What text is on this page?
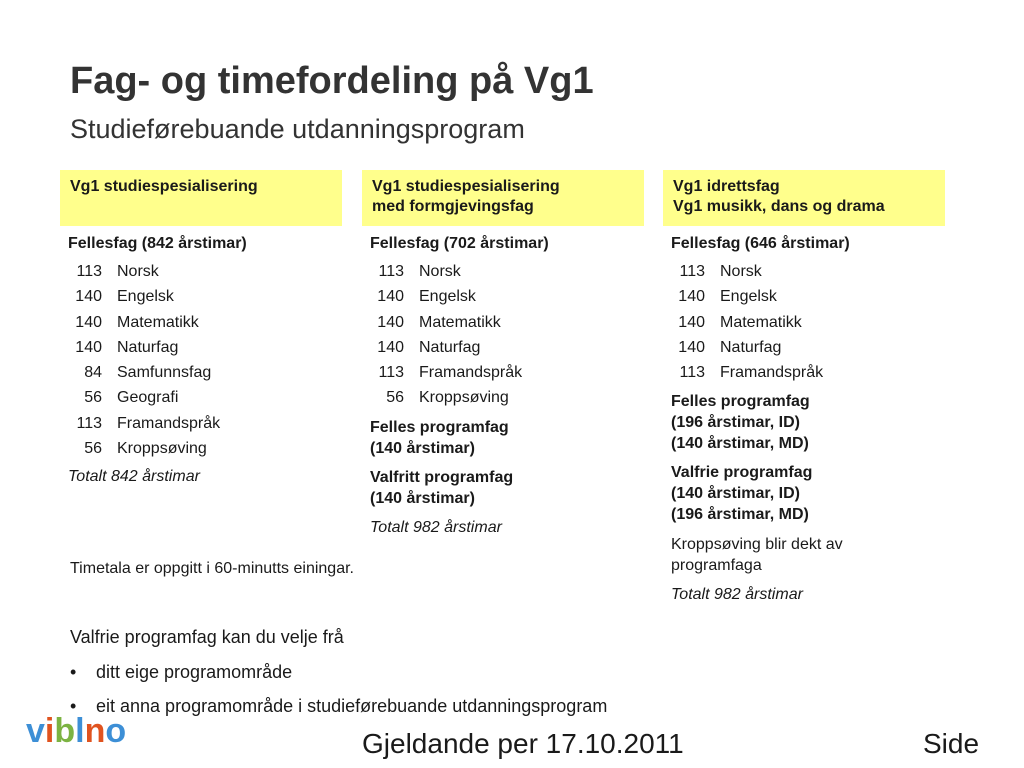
Fag- og timefordeling på Vg1
Studieførebuande utdanningsprogram
Vg1 studiespesialisering
Fellesfag (842 årstimar)
113 Norsk
140 Engelsk
140 Matematikk
140 Naturfag
84 Samfunnsfag
56 Geografi
113 Framandspråk
56 Kroppsøving
Totalt 842 årstimar
Vg1 studiespesialisering
med formgjevingsfag
Fellesfag (702 årstimar)
113 Norsk
140 Engelsk
140 Matematikk
140 Naturfag
113 Framandspråk
56 Kroppsøving
Felles programfag
(140 årstimar)
Valfritt programfag
(140 årstimar)
Totalt 982 årstimar
Vg1 idrettsfag
Vg1 musikk, dans og drama
Fellesfag (646 årstimar)
113 Norsk
140 Engelsk
140 Matematikk
140 Naturfag
113 Framandspråk
Felles programfag
(196 årstimar, ID)
(140 årstimar, MD)
Valfrie programfag
(140 årstimar, ID)
(196 årstimar, MD)
Kroppsøving blir dekt av
programfaga
Totalt 982 årstimar
Timetala er oppgitt i 60-minutts einingar.
Valfrie programfag kan du velje frå
• ditt eige programområde
• eit anna programområde i studieførebuande utdanningsprogram
viblno	Gjeldande per 17.10.2011	Side
